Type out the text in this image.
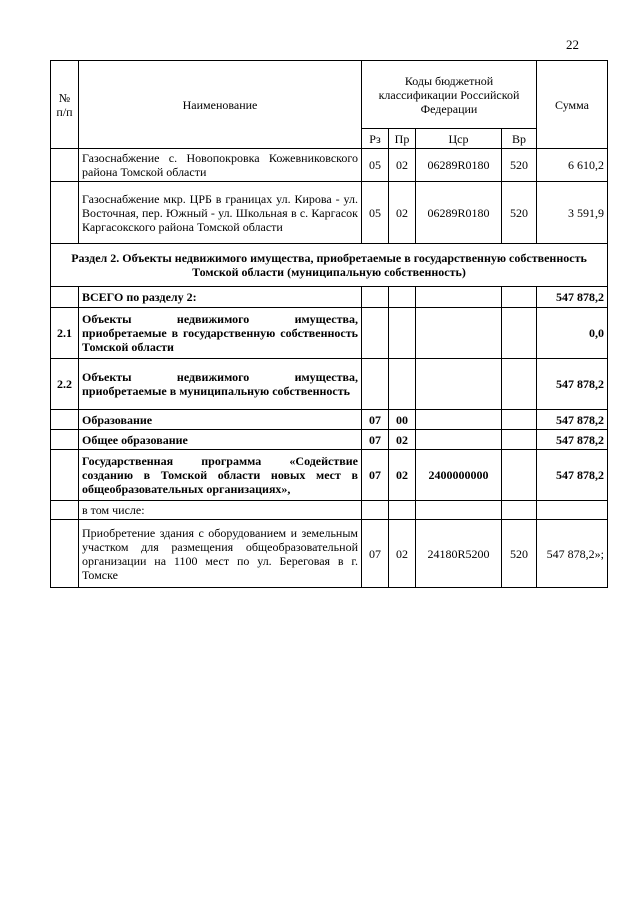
22
№ п/п	Наименование	Коды бюджетной классификации Российской Федерации				Сумма
		Рз	Пр	Цср	Вр	
	Газоснабжение с. Новопокровка Кожевниковского района Томской области	05	02	06289R0180	520	6 610,2
	Газоснабжение мкр. ЦРБ в границах ул. Кирова - ул. Восточная, пер. Южный - ул. Школьная в с. Каргасок Каргасокского района Томской области	05	02	06289R0180	520	3 591,9
Раздел 2. Объекты недвижимого имущества, приобретаемые в государственную собственность Томской области (муниципальную собственность)						
	ВСЕГО по разделу 2:					547 878,2
2.1	Объекты недвижимого имущества, приобретаемые в государственную собственность Томской области					0,0
2.2	Объекты недвижимого имущества, приобретаемые в муниципальную собственность					547 878,2
	Образование	07	00			547 878,2
	Общее образование	07	02			547 878,2
	Государственная программа «Содействие созданию в Томской области новых мест в общеобразовательных организациях»,	07	02	2400000000		547 878,2
	в том числе:					
	Приобретение здания с оборудованием и земельным участком для размещения общеобразовательной организации на 1100 мест по ул. Береговая в г. Томске	07	02	24180R5200	520	547 878,2»;
